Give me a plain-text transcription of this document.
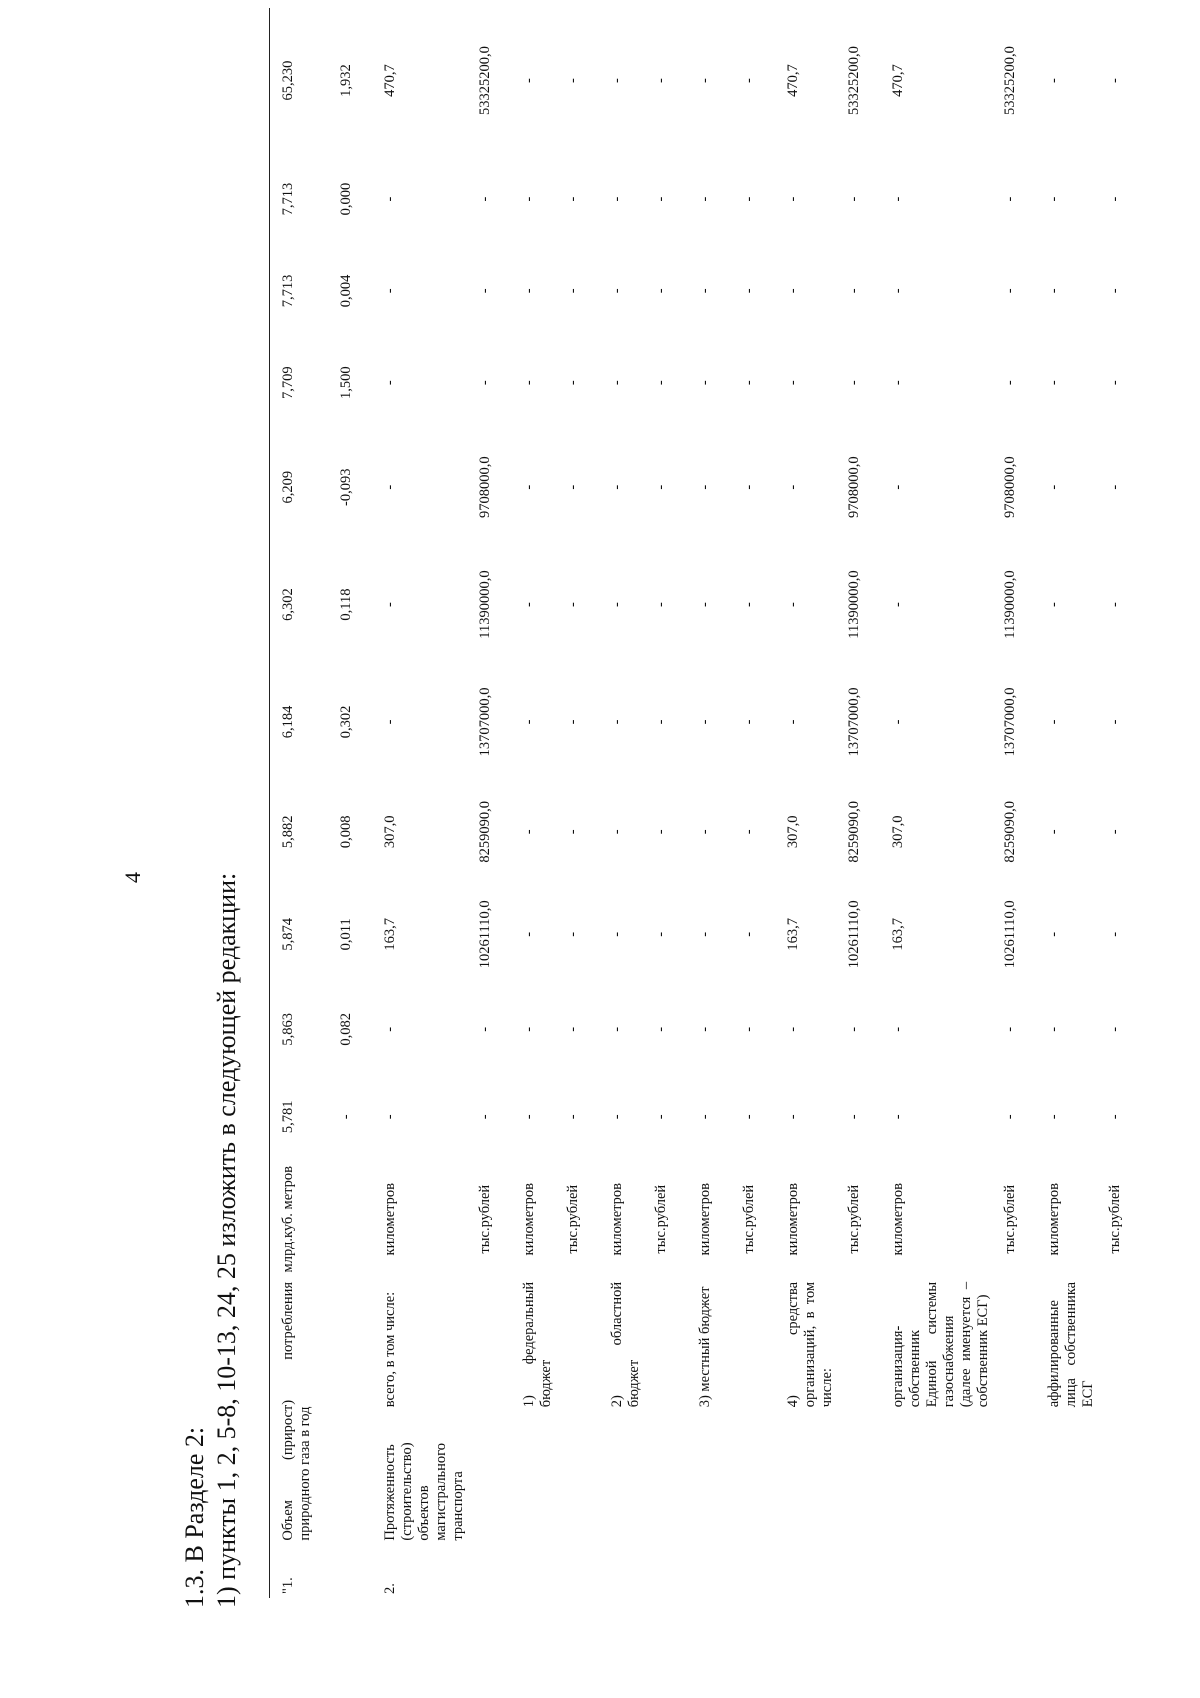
4
1.3. В Разделе 2: 1) пункты 1, 2, 5-8, 10-13, 24, 25 изложить в следующей редакции:	"1.	Объем (прирост) потребления природного газа в год		млрд.куб. метров	5,781	5,863	5,874	5,882	6,184	6,302	6,209	7,709	7,713	7,713	65,230
				-	0,082	0,011	0,008	0,302	0,118	-0,093	1,500	0,004	0,000	1,932
2.	Протяженность (строительство) объектов магистрального транспорта	всего, в том числе:	километров	-	-	163,7	307,0	-	-	-	-	-	-	470,7
			тыс.рублей	-	-	10261110,0	8259090,0	13707000,0	11390000,0	9708000,0	-	-	-	53325200,0
		1) федеральный бюджет	километров	-	-	-	-	-	-	-	-	-	-	-
			тыс.рублей	-	-	-	-	-	-	-	-	-	-	-
		2) областной бюджет	километров	-	-	-	-	-	-	-	-	-	-	-
			тыс.рублей	-	-	-	-	-	-	-	-	-	-	-
		3) местный бюджет	километров	-	-	-	-	-	-	-	-	-	-	-
			тыс.рублей	-	-	-	-	-	-	-	-	-	-	-
		4) средства организаций, в том числе:	километров	-	-	163,7	307,0	-	-	-	-	-	-	470,7
			тыс.рублей	-	-	10261110,0	8259090,0	13707000,0	11390000,0	9708000,0	-	-	-	53325200,0
		организация-собственник Единой системы газоснабжения (далее именуется – собственник ЕСГ)	километров	-	-	163,7	307,0	-	-	-	-	-	-	470,7
			тыс.рублей	-	-	10261110,0	8259090,0	13707000,0	11390000,0	9708000,0	-	-	-	53325200,0
		аффилированные лица собственника ЕСГ	километров	-	-	-	-	-	-	-	-	-	-	-
			тыс.рублей	-	-	-	-	-	-	-	-	-	-	-
